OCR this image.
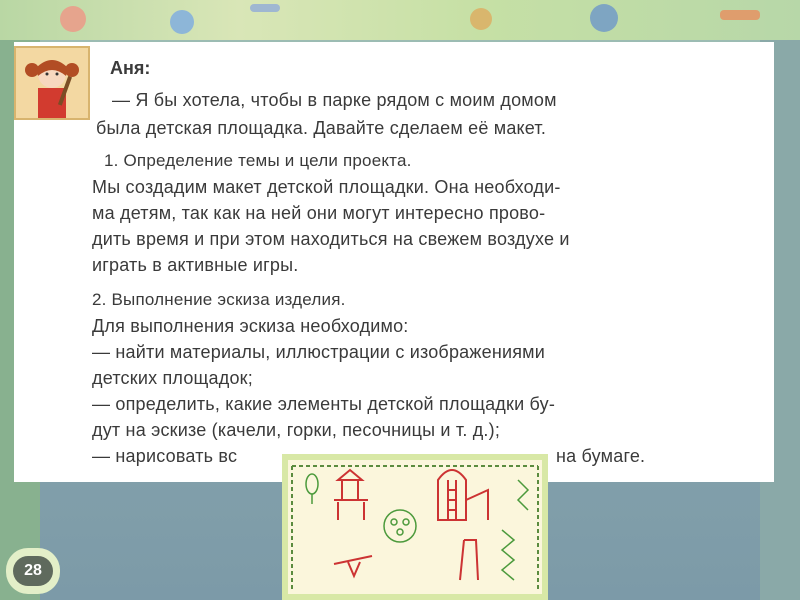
Аня:
— Я бы хотела, чтобы в парке рядом с моим домом
была детская площадка. Давайте сделаем её макет.
1. Определение темы и цели проекта.
Мы создадим макет детской площадки. Она необходи-
ма детям, так как на ней они могут интересно прово-
дить время и при этом находиться на свежем воздухе и
играть в активные игры.
2. Выполнение эскиза изделия.
Для выполнения эскиза необходимо:
— найти материалы, иллюстрации с изображениями
детских площадок;
— определить, какие элементы детской площадки бу-
дут на эскизе (качели, горки, песочницы и т. д.);
— нарисовать вс	на бумаге.
28
